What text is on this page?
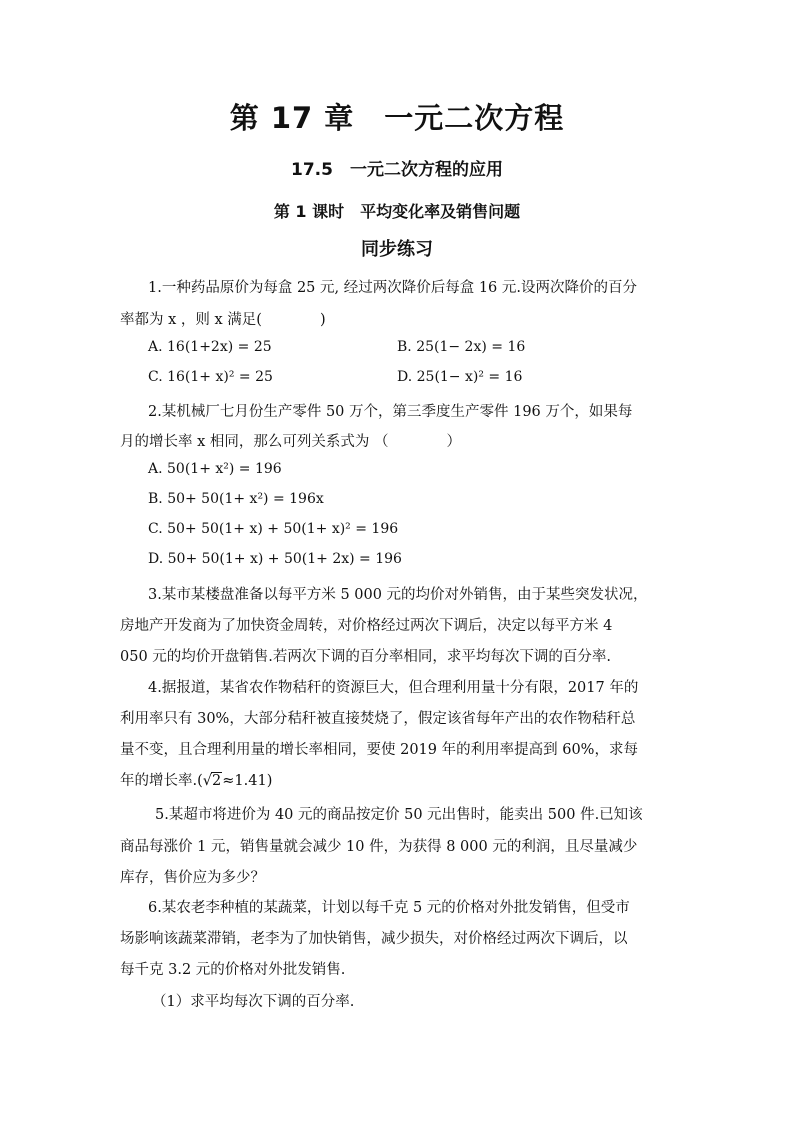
第 17 章　一元二次方程
17.5　一元二次方程的应用
第 1 课时　平均变化率及销售问题
同步练习
1.一种药品原价为每盒 25 元, 经过两次降价后每盒 16 元.设两次降价的百分
率都为 x ，则 x 满足(　　　　)
A. 16(1+2x) = 25	B. 25(1− 2x) = 16
C. 16(1+ x)² = 25	D. 25(1− x)² = 16
2.某机械厂七月份生产零件 50 万个，第三季度生产零件 196 万个，如果每
月的增长率 x 相同，那么可列关系式为 （　　　　）
A. 50(1+ x²) = 196
B. 50+ 50(1+ x²) = 196x
C. 50+ 50(1+ x) + 50(1+ x)² = 196
D. 50+ 50(1+ x) + 50(1+ 2x) = 196
3.某市某楼盘准备以每平方米 5 000 元的均价对外销售，由于某些突发状况，
房地产开发商为了加快资金周转，对价格经过两次下调后，决定以每平方米 4
050 元的均价开盘销售.若两次下调的百分率相同，求平均每次下调的百分率.
4.据报道，某省农作物秸秆的资源巨大，但合理利用量十分有限，2017 年的
利用率只有 30%，大部分秸秆被直接焚烧了，假定该省每年产出的农作物秸秆总
量不变，且合理利用量的增长率相同，要使 2019 年的利用率提高到 60%，求每
年的增长率.(√2≈1.41)
5.某超市将进价为 40 元的商品按定价 50 元出售时，能卖出 500 件.已知该
商品每涨价 1 元，销售量就会减少 10 件，为获得 8 000 元的利润，且尽量减少
库存，售价应为多少？
6.某农老李种植的某蔬菜，计划以每千克 5 元的价格对外批发销售，但受市
场影响该蔬菜滞销，老李为了加快销售，减少损失，对价格经过两次下调后，以
每千克 3.2 元的价格对外批发销售.
（1）求平均每次下调的百分率.
